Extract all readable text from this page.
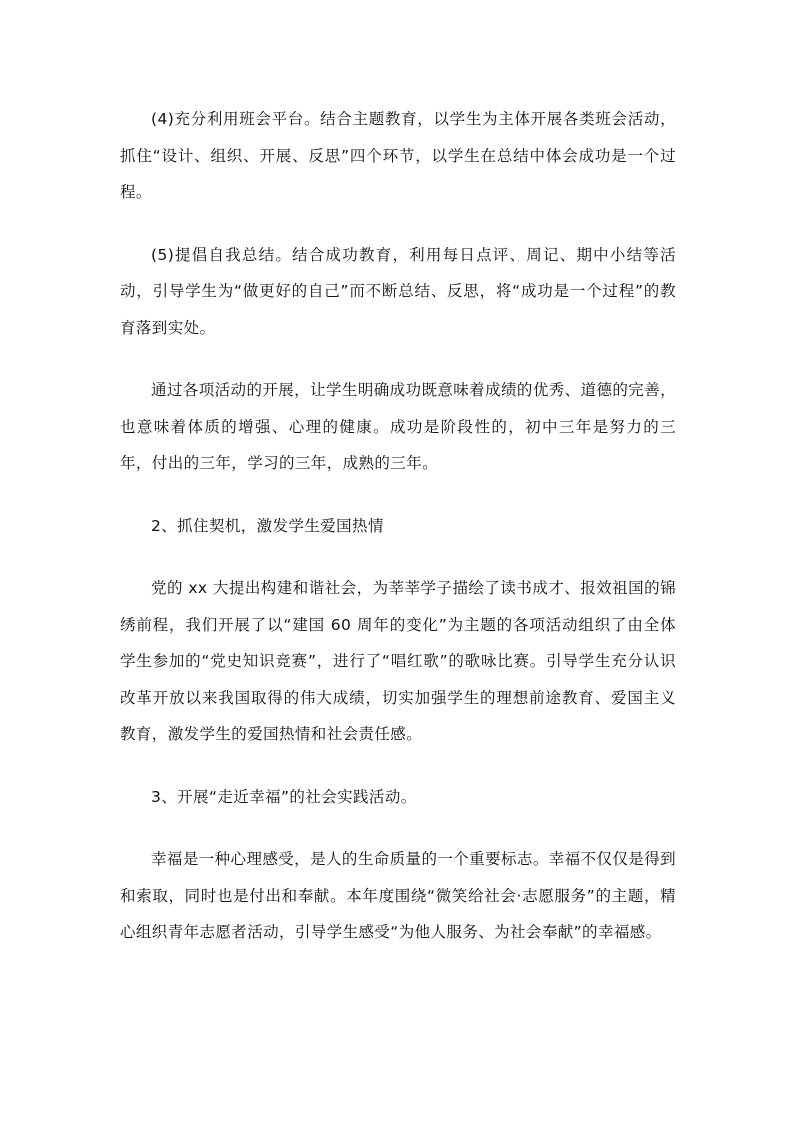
(4)充分利用班会平台。结合主题教育，以学生为主体开展各类班会活动，抓住“设计、组织、开展、反思”四个环节，以学生在总结中体会成功是一个过程。

(5)提倡自我总结。结合成功教育，利用每日点评、周记、期中小结等活动，引导学生为“做更好的自己”而不断总结、反思，将“成功是一个过程”的教育落到实处。

通过各项活动的开展，让学生明确成功既意味着成绩的优秀、道德的完善，也意味着体质的增强、心理的健康。成功是阶段性的，初中三年是努力的三年，付出的三年，学习的三年，成熟的三年。

2、抓住契机，激发学生爱国热情

党的 xx 大提出构建和谐社会，为莘莘学子描绘了读书成才、报效祖国的锦绣前程，我们开展了以“建国 60 周年的变化”为主题的各项活动组织了由全体学生参加的“党史知识竞赛”，进行了“唱红歌”的歌咏比赛。引导学生充分认识改革开放以来我国取得的伟大成绩，切实加强学生的理想前途教育、爱国主义教育，激发学生的爱国热情和社会责任感。

3、开展“走近幸福”的社会实践活动。

幸福是一种心理感受，是人的生命质量的一个重要标志。幸福不仅仅是得到和索取，同时也是付出和奉献。本年度围绕“微笑给社会·志愿服务”的主题，精心组织青年志愿者活动，引导学生感受“为他人服务、为社会奉献”的幸福感。
